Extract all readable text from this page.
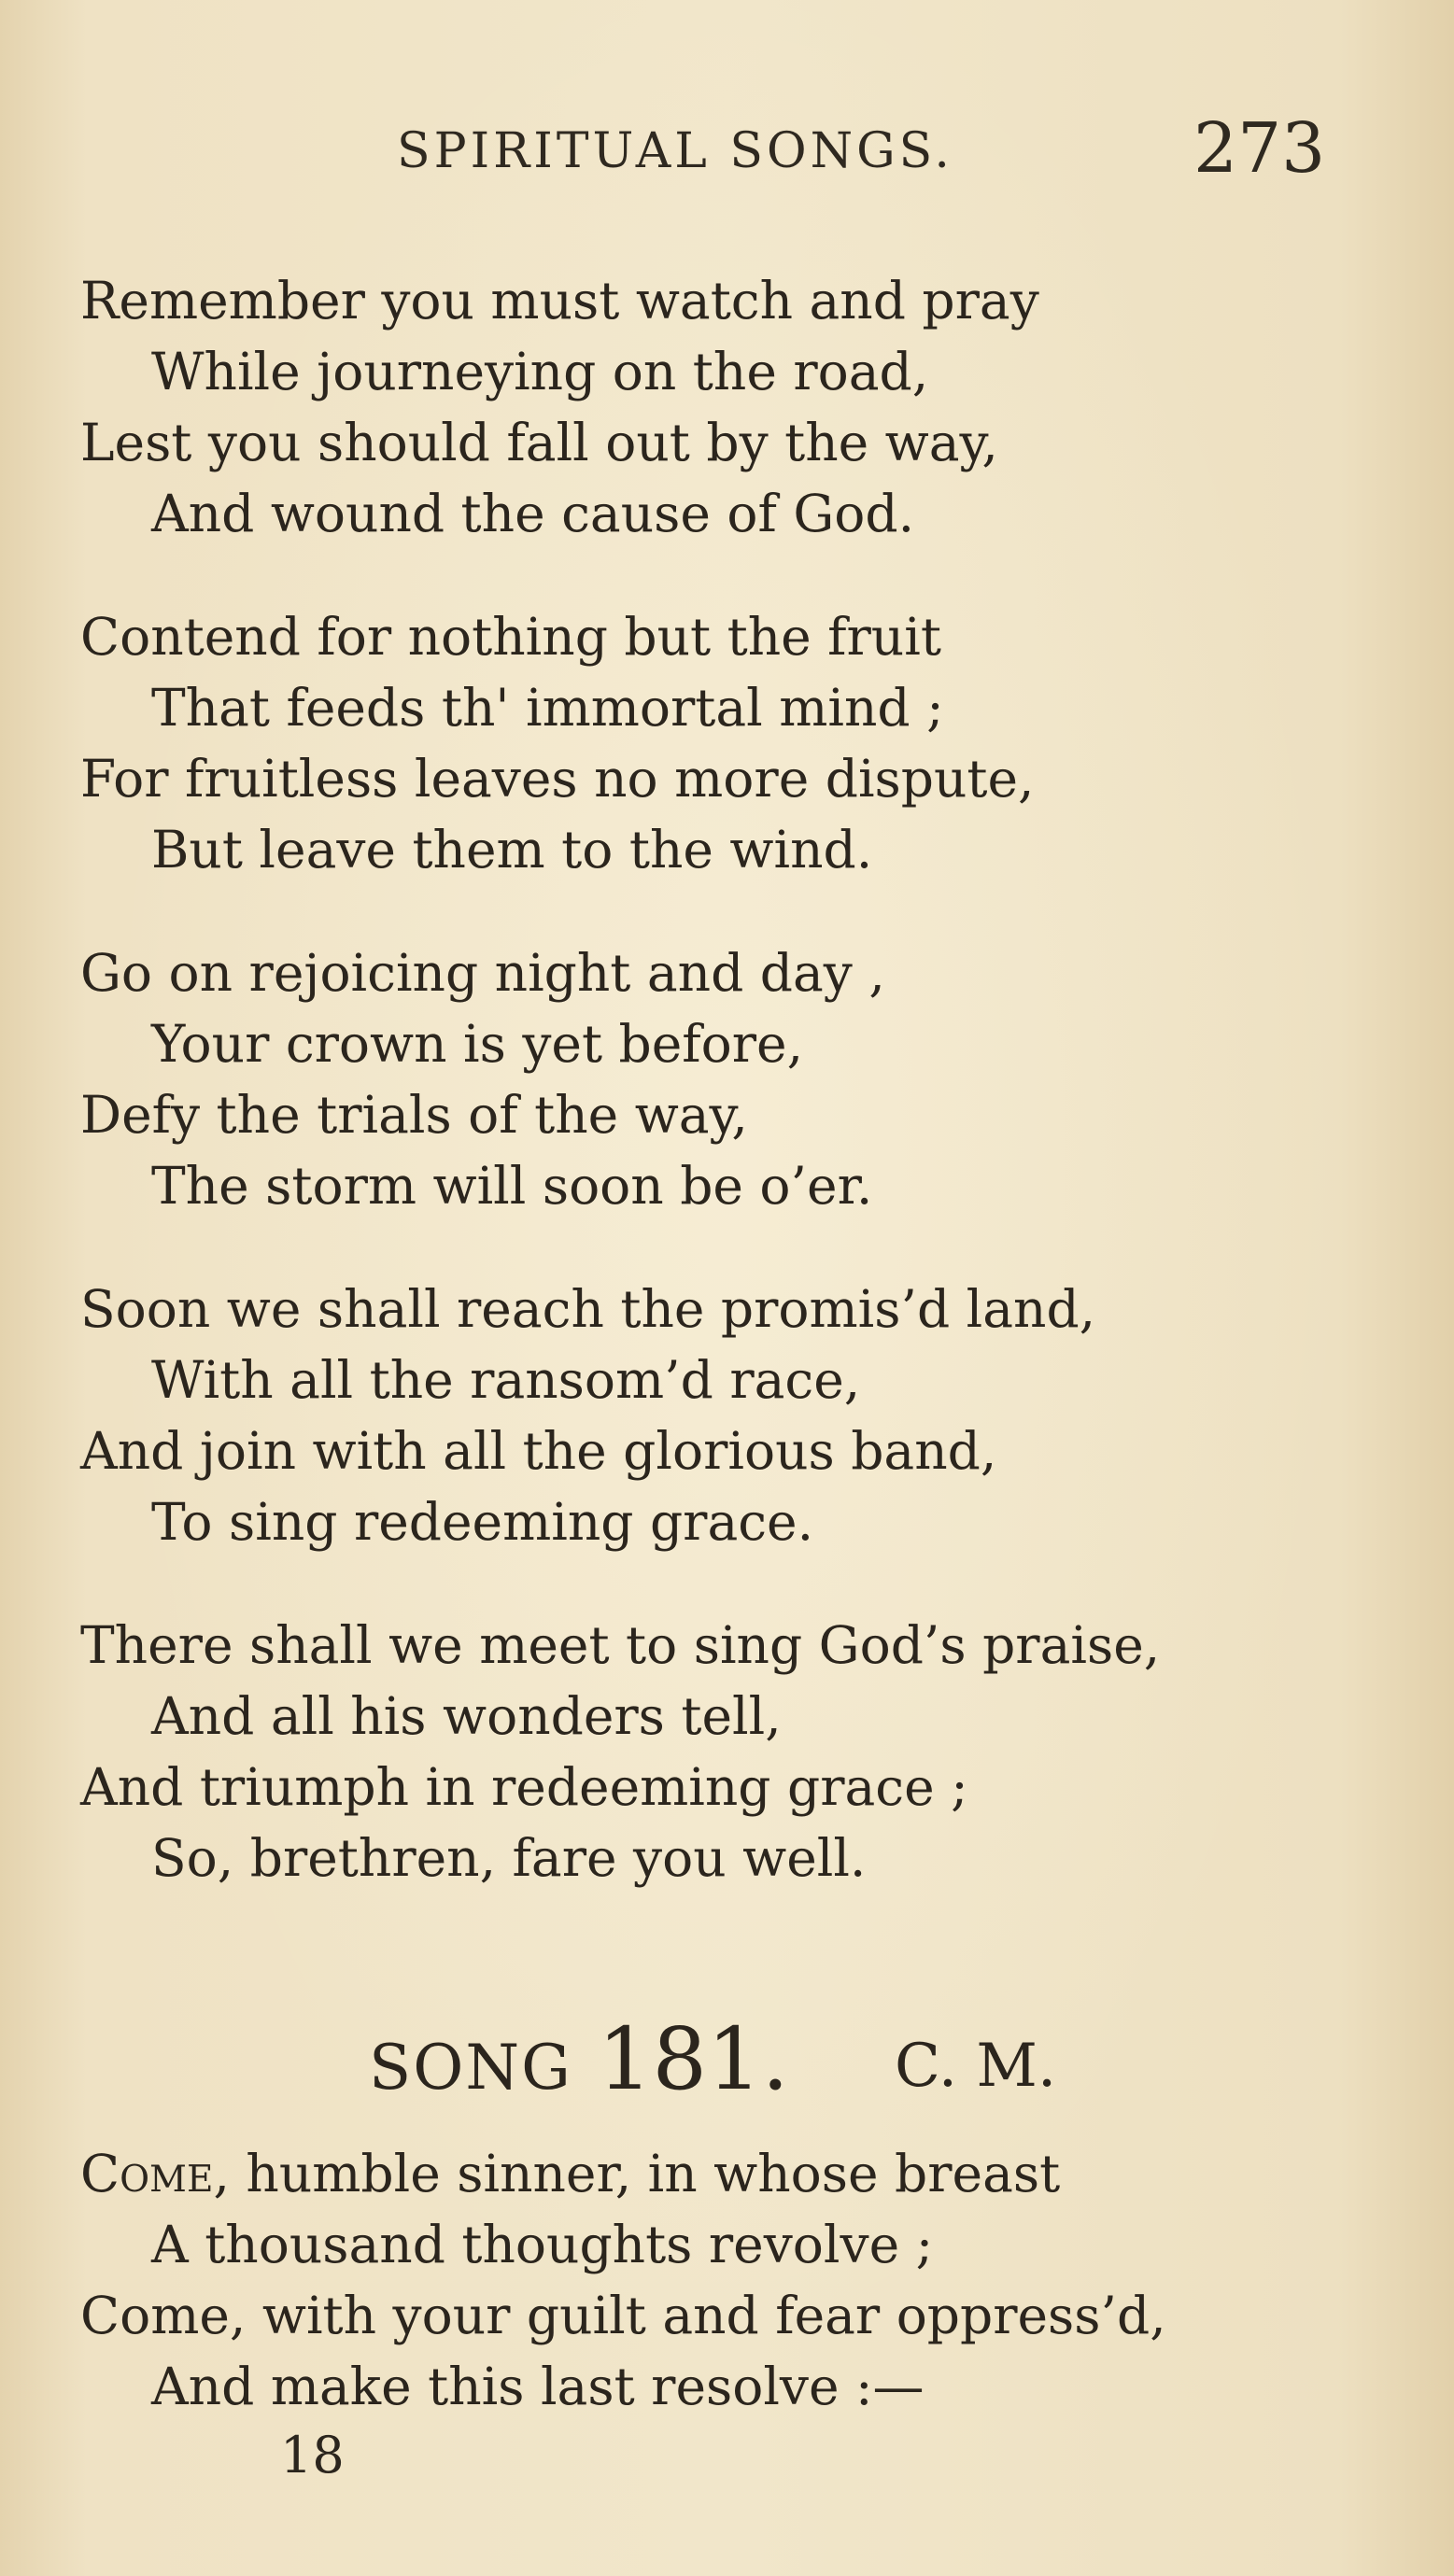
SPIRITUAL SONGS.	273
Remember you must watch and pray
While journeying on the road,
Lest you should fall out by the way,
And wound the cause of God.
Contend for nothing but the fruit
That feeds th' immortal mind ;
For fruitless leaves no more dispute,
But leave them to the wind.
Go on rejoicing night and day ,
Your crown is yet before,
Defy the trials of the way,
The storm will soon be o’er.
Soon we shall reach the promis’d land,
With all the ransom’d race,
And join with all the glorious band,
To sing redeeming grace.
There shall we meet to sing God’s praise,
And all his wonders tell,
And triumph in redeeming grace ;
So, brethren, fare you well.
SONG 181. C. M.
Come, humble sinner, in whose breast
A thousand thoughts revolve ;
Come, with your guilt and fear oppress’d,
And make this last resolve :—
18
